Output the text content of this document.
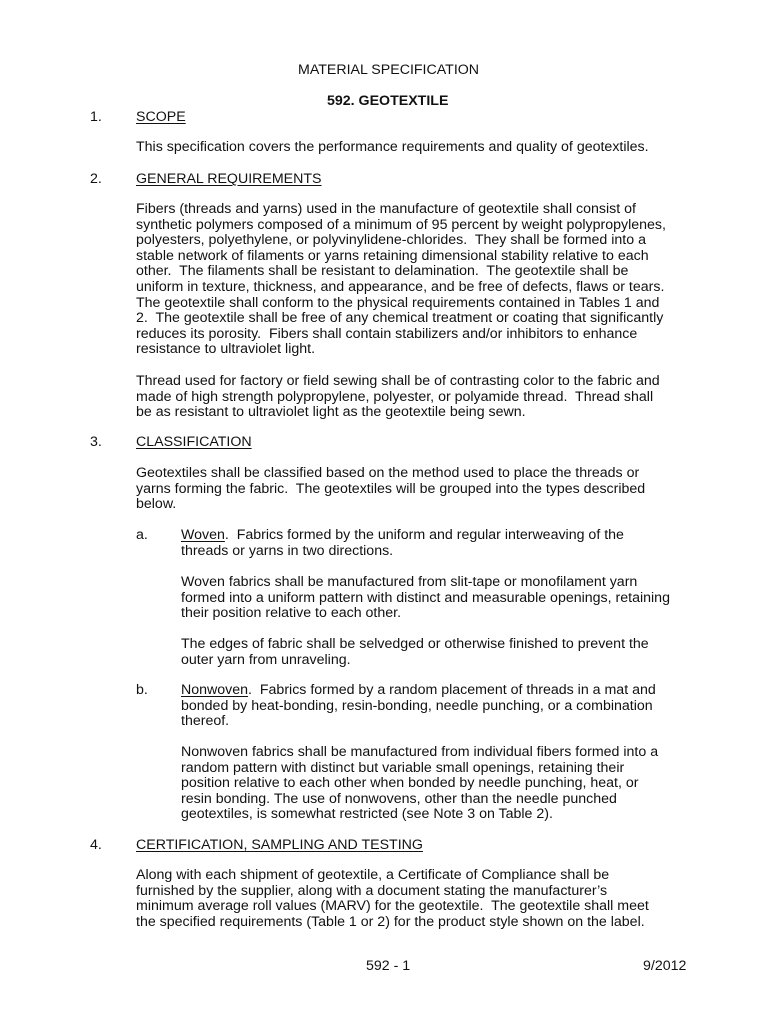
MATERIAL SPECIFICATION
592. GEOTEXTILE
1. SCOPE
This specification covers the performance requirements and quality of geotextiles.
2. GENERAL REQUIREMENTS
Fibers (threads and yarns) used in the manufacture of geotextile shall consist of
synthetic polymers composed of a minimum of 95 percent by weight polypropylenes,
polyesters, polyethylene, or polyvinylidene-chlorides.  They shall be formed into a
stable network of filaments or yarns retaining dimensional stability relative to each
other.  The filaments shall be resistant to delamination.  The geotextile shall be
uniform in texture, thickness, and appearance, and be free of defects, flaws or tears.
The geotextile shall conform to the physical requirements contained in Tables 1 and
2.  The geotextile shall be free of any chemical treatment or coating that significantly
reduces its porosity.  Fibers shall contain stabilizers and/or inhibitors to enhance
resistance to ultraviolet light.
Thread used for factory or field sewing shall be of contrasting color to the fabric and
made of high strength polypropylene, polyester, or polyamide thread.  Thread shall
be as resistant to ultraviolet light as the geotextile being sewn.
3. CLASSIFICATION
Geotextiles shall be classified based on the method used to place the threads or
yarns forming the fabric.  The geotextiles will be grouped into the types described
below.
a. Woven.  Fabrics formed by the uniform and regular interweaving of the
threads or yarns in two directions.
Woven fabrics shall be manufactured from slit-tape or monofilament yarn
formed into a uniform pattern with distinct and measurable openings, retaining
their position relative to each other.
The edges of fabric shall be selvedged or otherwise finished to prevent the
outer yarn from unraveling.
b. Nonwoven.  Fabrics formed by a random placement of threads in a mat and
bonded by heat-bonding, resin-bonding, needle punching, or a combination
thereof.
Nonwoven fabrics shall be manufactured from individual fibers formed into a
random pattern with distinct but variable small openings, retaining their
position relative to each other when bonded by needle punching, heat, or
resin bonding. The use of nonwovens, other than the needle punched
geotextiles, is somewhat restricted (see Note 3 on Table 2).
4. CERTIFICATION, SAMPLING AND TESTING
Along with each shipment of geotextile, a Certificate of Compliance shall be
furnished by the supplier, along with a document stating the manufacturer’s
minimum average roll values (MARV) for the geotextile.  The geotextile shall meet
the specified requirements (Table 1 or 2) for the product style shown on the label.
592 - 1	9/2012
